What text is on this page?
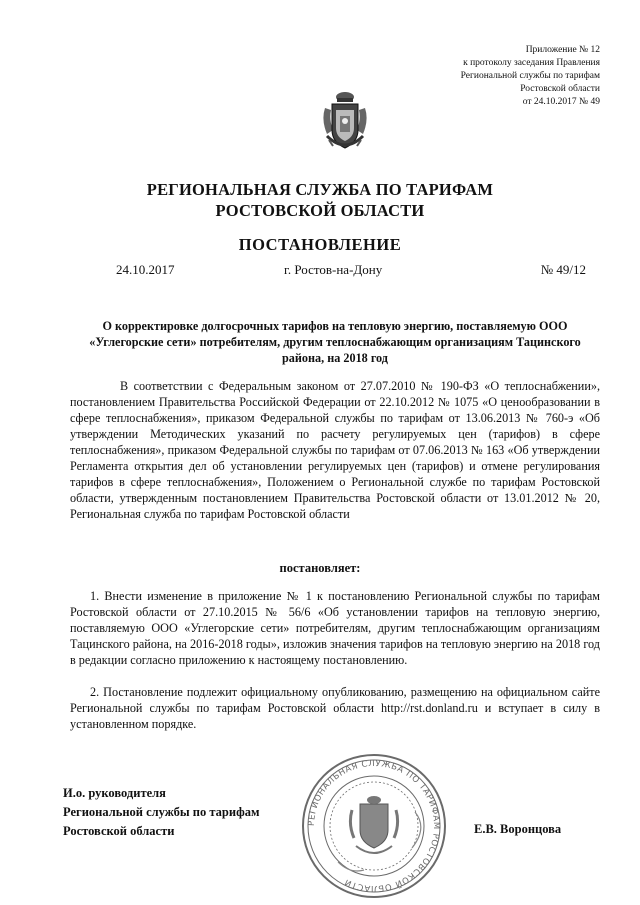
Приложение № 12
к протоколу заседания Правления
Региональной службы по тарифам
Ростовской области
от 24.10.2017 № 49
РЕГИОНАЛЬНАЯ СЛУЖБА ПО ТАРИФАМ
РОСТОВСКОЙ ОБЛАСТИ
ПОСТАНОВЛЕНИЕ
24.10.2017	г. Ростов-на-Дону	№ 49/12
О корректировке долгосрочных тарифов на тепловую энергию, поставляемую ООО «Углегорские сети» потребителям, другим теплоснабжающим организациям Тацинского района, на 2018 год
В соответствии с Федеральным законом от 27.07.2010 № 190-ФЗ «О теплоснабжении», постановлением Правительства Российской Федерации от 22.10.2012 № 1075 «О ценообразовании в сфере теплоснабжения», приказом Федеральной службы по тарифам от 13.06.2013 № 760-э «Об утверждении Методических указаний по расчету регулируемых цен (тарифов) в сфере теплоснабжения», приказом Федеральной службы по тарифам от 07.06.2013 № 163 «Об утверждении Регламента открытия дел об установлении регулируемых цен (тарифов) и отмене регулирования тарифов в сфере теплоснабжения», Положением о Региональной службе по тарифам Ростовской области, утвержденным постановлением Правительства Ростовской области от 13.01.2012 № 20, Региональная служба по тарифам Ростовской области
постановляет:
1. Внести изменение в приложение № 1 к постановлению Региональной службы по тарифам Ростовской области от 27.10.2015 № 56/6 «Об установлении тарифов на тепловую энергию, поставляемую ООО «Углегорские сети» потребителям, другим теплоснабжающим организациям Тацинского района, на 2016-2018 годы», изложив значения тарифов на тепловую энергию на 2018 год в редакции согласно приложению к настоящему постановлению.
2. Постановление подлежит официальному опубликованию, размещению на официальном сайте Региональной службы по тарифам Ростовской области http://rst.donland.ru и вступает в силу в установленном порядке.
И.о. руководителя
Региональной службы по тарифам
Ростовской области
РЕГИОНАЛЬНАЯ СЛУЖБА ПО ТАРИФАМ РОСТОВСКОЙ ОБЛАСТИ
Е.В. Воронцова
